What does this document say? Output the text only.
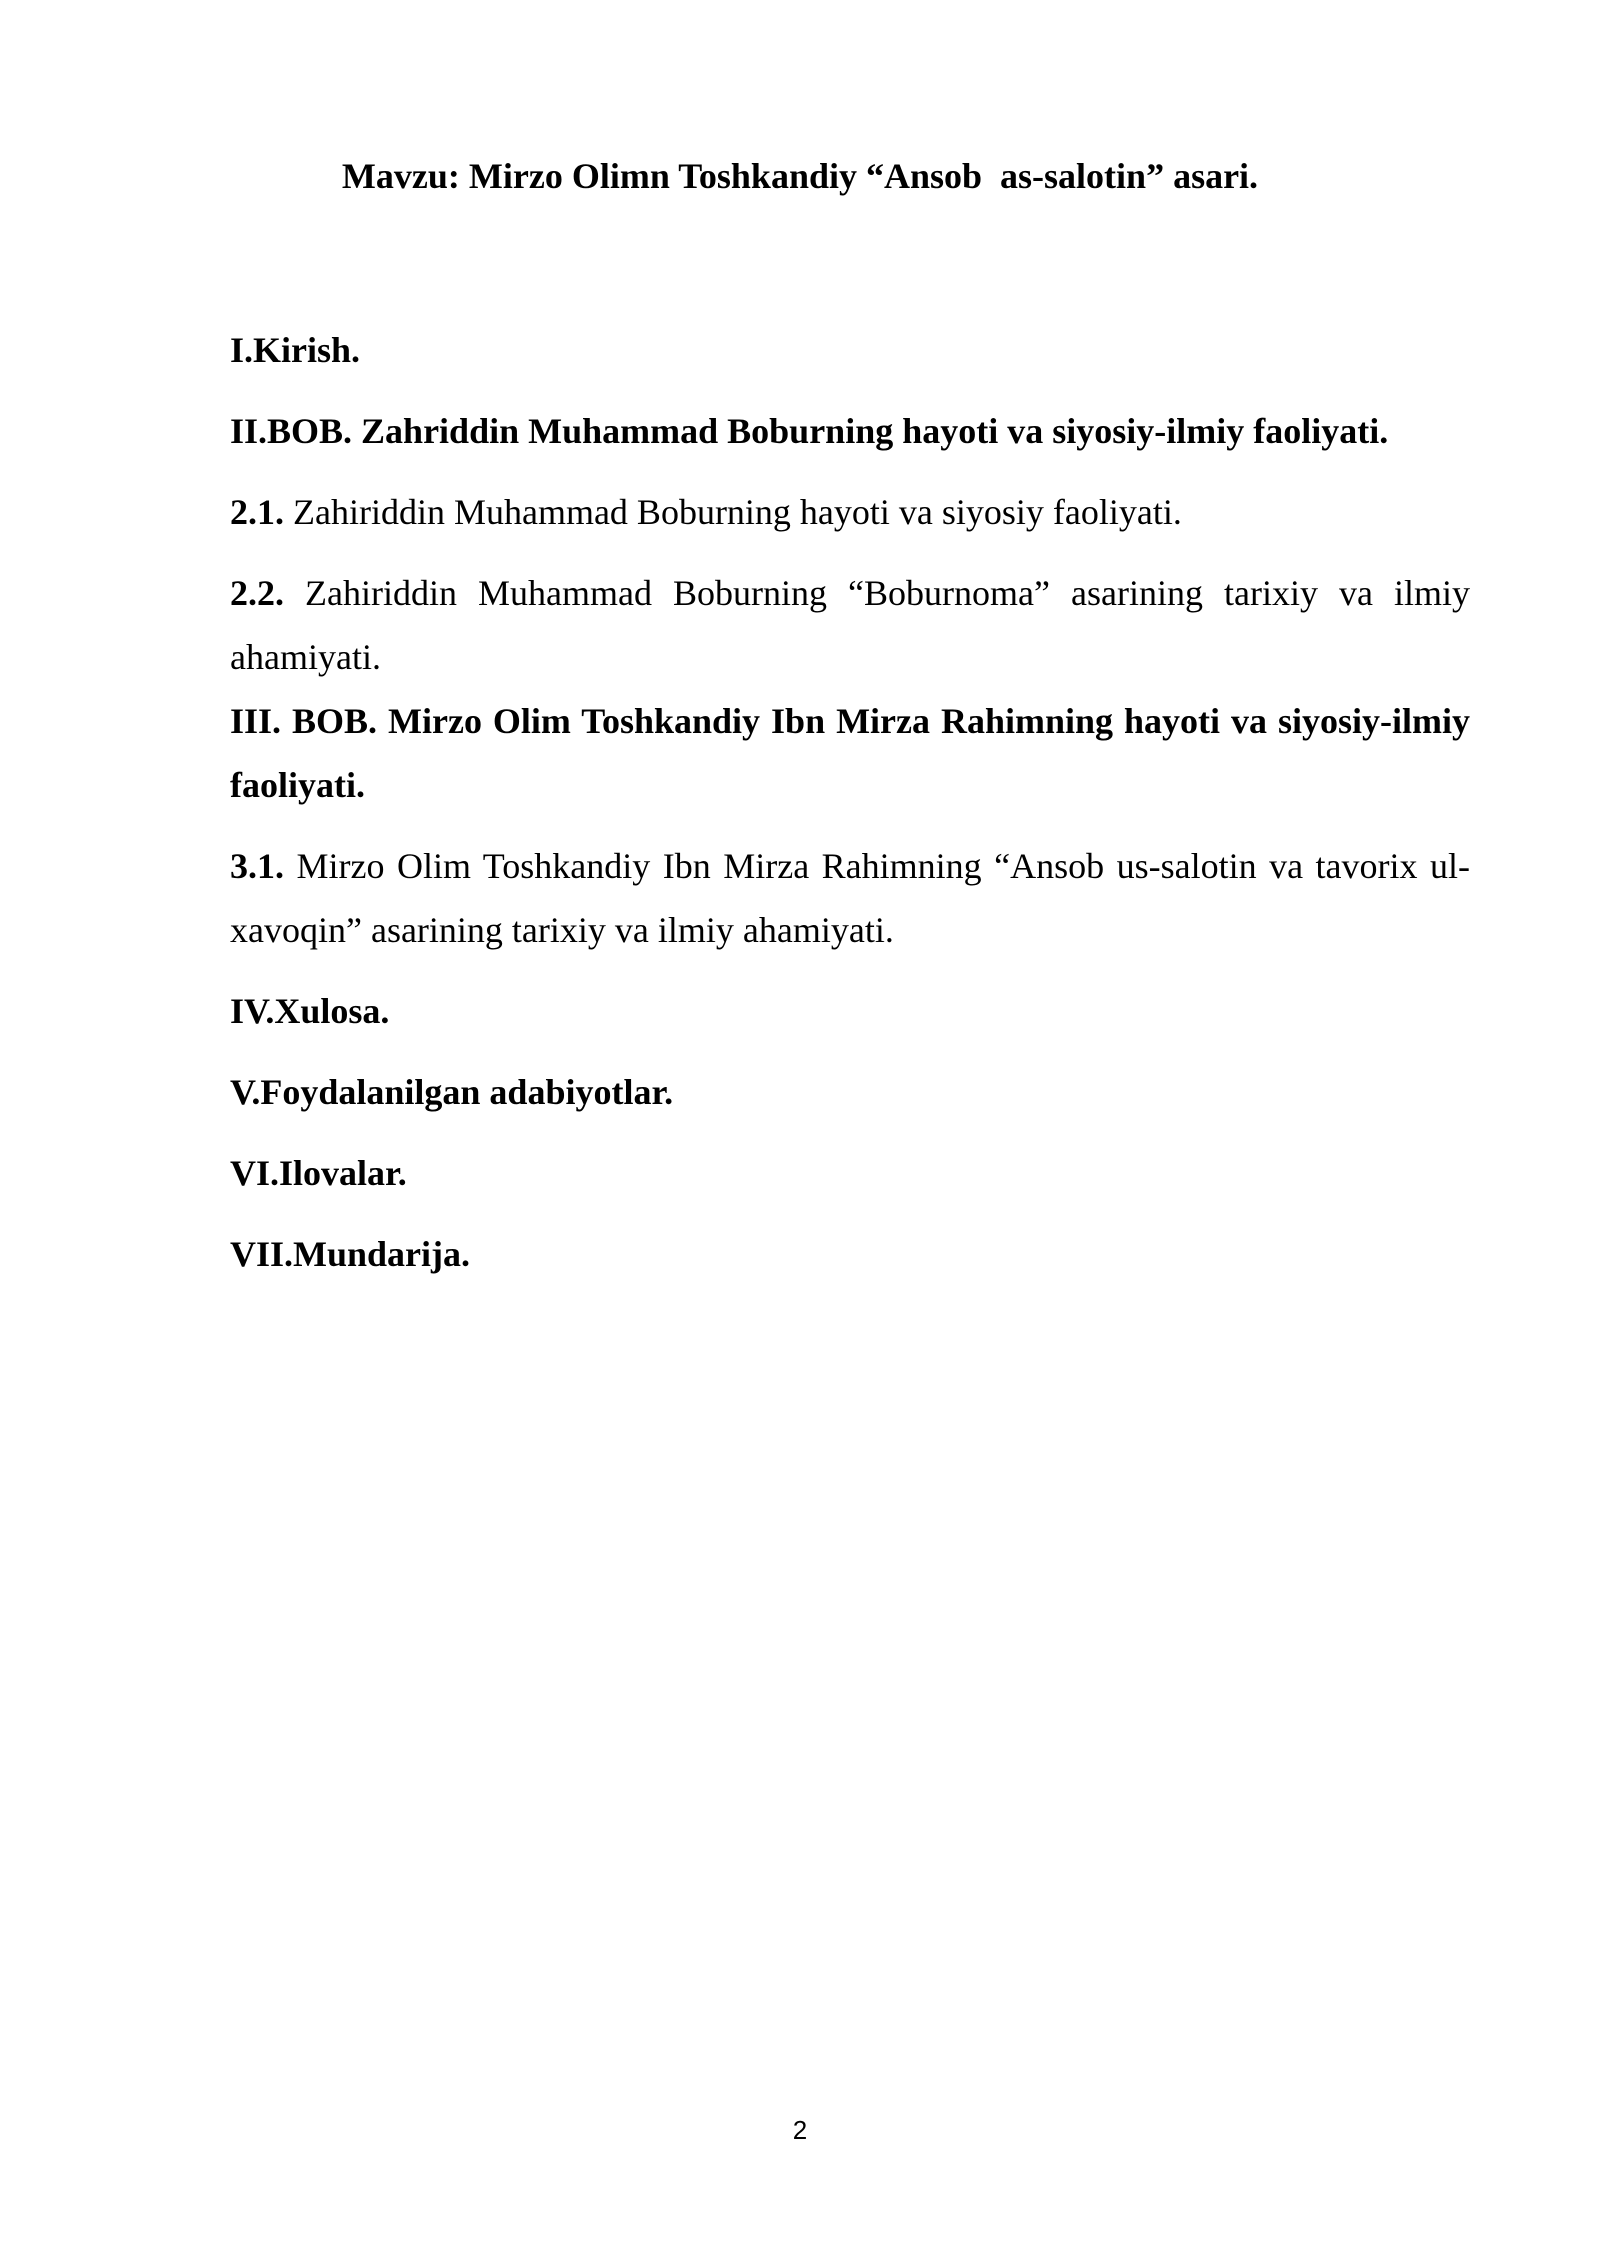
Mavzu: Mirzo Olimn Toshkandiy “Ansob  as-salotin” asari.

I.Kirish.

II.BOB. Zahriddin Muhammad Boburning hayoti va siyosiy-ilmiy faoliyati.

2.1. Zahiriddin Muhammad Boburning hayoti va siyosiy faoliyati.

2.2. Zahiriddin Muhammad Boburning “Boburnoma” asarining tarixiy va ilmiy ahamiyati.

III. BOB. Mirzo Olim Toshkandiy Ibn Mirza Rahimning hayoti va siyosiy-ilmiy faoliyati.

3.1. Mirzo Olim Toshkandiy Ibn Mirza Rahimning “Ansob us-salotin va tavorix ul-xavoqin” asarining tarixiy va ilmiy ahamiyati.

IV.Xulosa.

V.Foydalanilgan adabiyotlar.

VI.Ilovalar.

VII.Mundarija.

2
